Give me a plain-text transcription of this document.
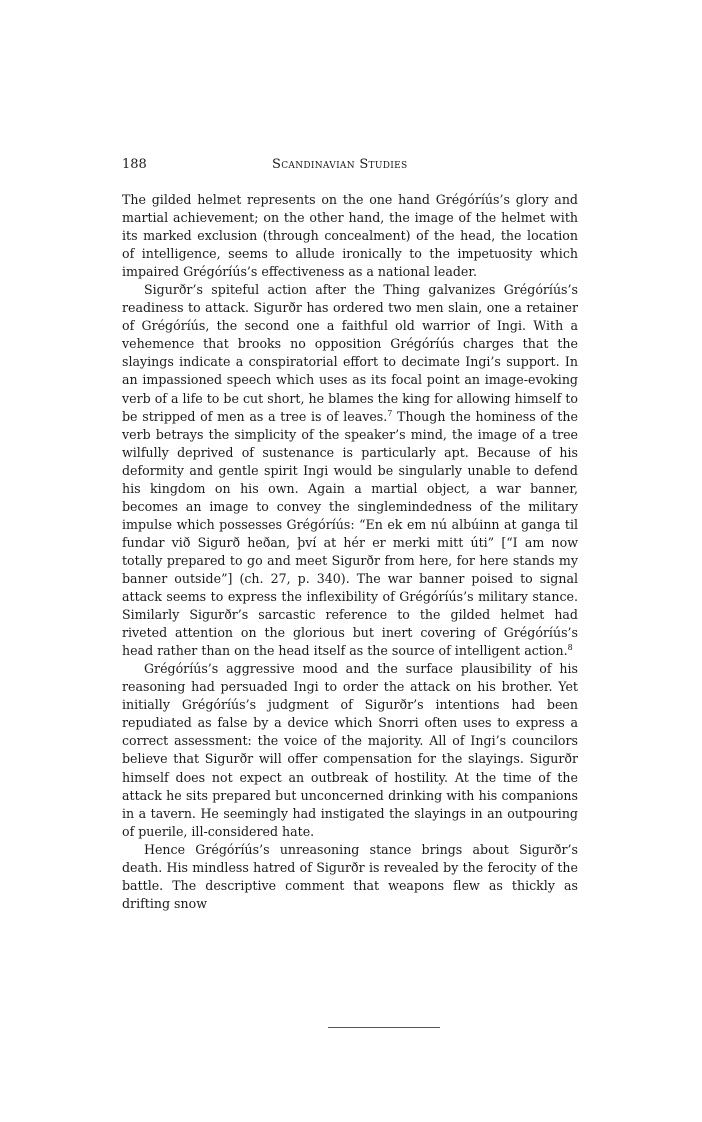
188	Scandinavian Studies

The gilded helmet represents on the one hand Grégóríús’s glory and martial achievement; on the other hand, the image of the helmet with its marked exclusion (through concealment) of the head, the location of intelligence, seems to allude ironically to the impetuosity which impaired Grégóríús’s effectiveness as a national leader.

Sigurðr’s spiteful action after the Thing galvanizes Grégóríús’s readiness to attack. Sigurðr has ordered two men slain, one a retainer of Grégóríús, the second one a faithful old warrior of Ingi. With a vehemence that brooks no opposition Grégóríús charges that the slayings indicate a conspiratorial effort to decimate Ingi’s support. In an impassioned speech which uses as its focal point an image-evoking verb of a life to be cut short, he blames the king for allowing himself to be stripped of men as a tree is of leaves.$^7$ Though the hominess of the verb betrays the simplicity of the speaker’s mind, the image of a tree wilfully deprived of sustenance is particularly apt. Because of his deformity and gentle spirit Ingi would be singularly unable to defend his kingdom on his own. Again a martial object, a war banner, becomes an image to convey the singlemindedness of the military impulse which possesses Grégóríús: “En ek em nú albúinn at ganga til fundar við Sigurð heðan, því at hér er merki mitt úti” [“I am now totally prepared to go and meet Sigurðr from here, for here stands my banner outside”] (ch. 27, p. 340). The war banner poised to signal attack seems to express the inflexibility of Grégóríús’s military stance. Similarly Sigurðr’s sarcastic reference to the gilded helmet had riveted attention on the glorious but inert covering of Grégóríús’s head rather than on the head itself as the source of intelligent action.$^8$

Grégóríús’s aggressive mood and the surface plausibility of his reasoning had persuaded Ingi to order the attack on his brother. Yet initially Grégóríús’s judgment of Sigurðr’s intentions had been repudiated as false by a device which Snorri often uses to express a correct assessment: the voice of the majority. All of Ingi’s councilors believe that Sigurðr will offer compensation for the slayings. Sigurðr himself does not expect an outbreak of hostility. At the time of the attack he sits prepared but unconcerned drinking with his companions in a tavern. He seemingly had instigated the slayings in an outpouring of puerile, ill-considered hate.

Hence Grégóríús’s unreasoning stance brings about Sigurðr’s death. His mindless hatred of Sigurðr is revealed by the ferocity of the battle. The descriptive comment that weapons flew as thickly as drifting snow
